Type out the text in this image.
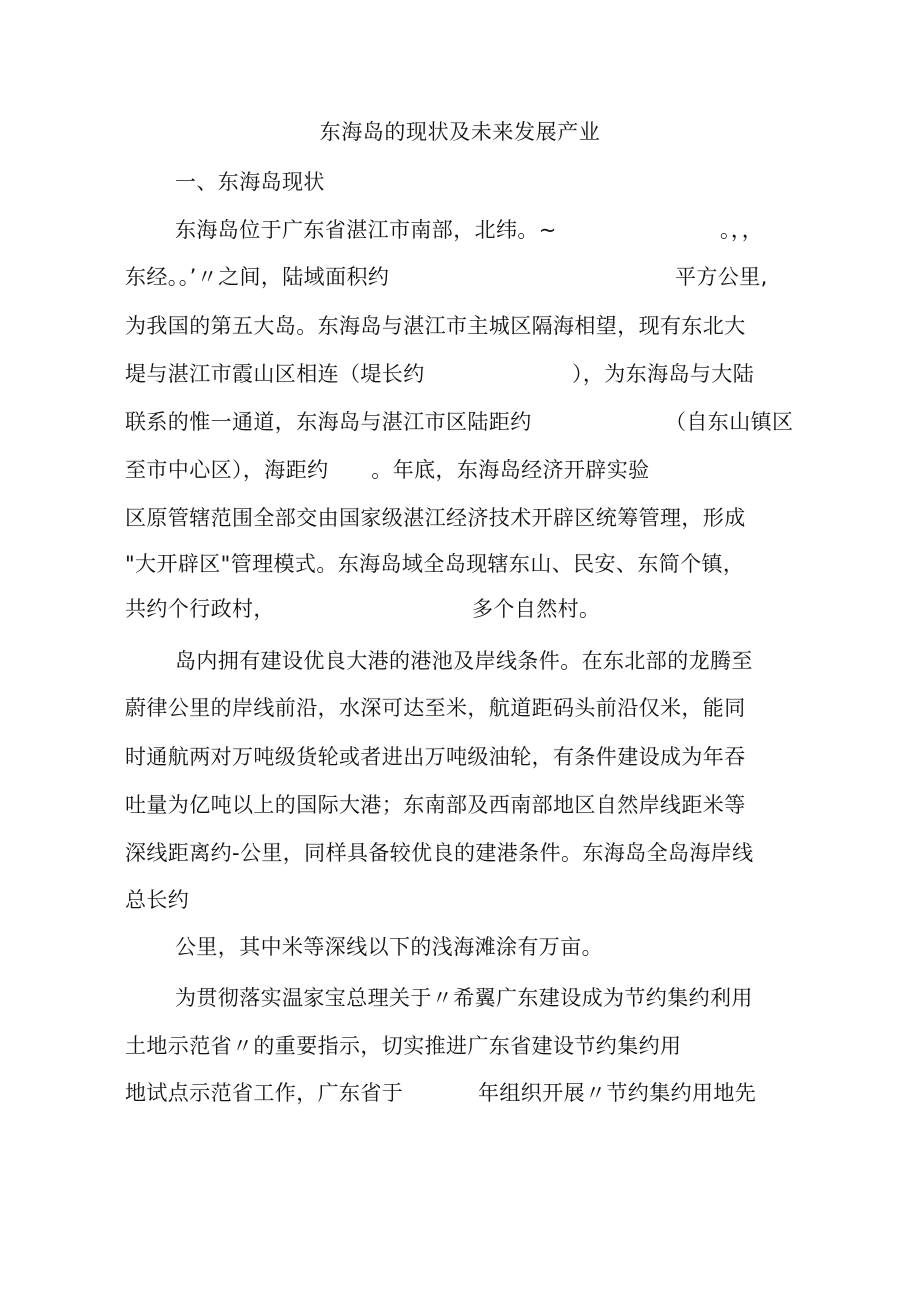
东海岛的现状及未来发展产业
一、东海岛现状
东海岛位于广东省湛江市南部，北纬。~	。，，
东经。。’〃之间，陆域面积约	平方公里,
为我国的第五大岛。东海岛与湛江市主城区隔海相望，现有东北大
堤与湛江市霞山区相连（堤长约	），为东海岛与大陆
联系的惟一通道，东海岛与湛江市区陆距约	（自东山镇区
至市中心区），海距约　　。年底，东海岛经济开辟实验
区原管辖范围全部交由国家级湛江经济技术开辟区统筹管理，形成
"大开辟区"管理模式。东海岛域全岛现辖东山、民安、东简个镇，
共约个行政村，	多个自然村。
岛内拥有建设优良大港的港池及岸线条件。在东北部的龙腾至
蔚律公里的岸线前沿，水深可达至米，航道距码头前沿仅米，能同
时通航两对万吨级货轮或者进出万吨级油轮，有条件建设成为年吞
吐量为亿吨以上的国际大港；东南部及西南部地区自然岸线距米等
深线距离约-公里，同样具备较优良的建港条件。东海岛全岛海岸线
总长约
公里，其中米等深线以下的浅海滩涂有万亩。
为贯彻落实温家宝总理关于〃希翼广东建设成为节约集约利用
土地示范省〃的重要指示，切实推进广东省建设节约集约用
地试点示范省工作，广东省于	年组织开展〃节约集约用地先
